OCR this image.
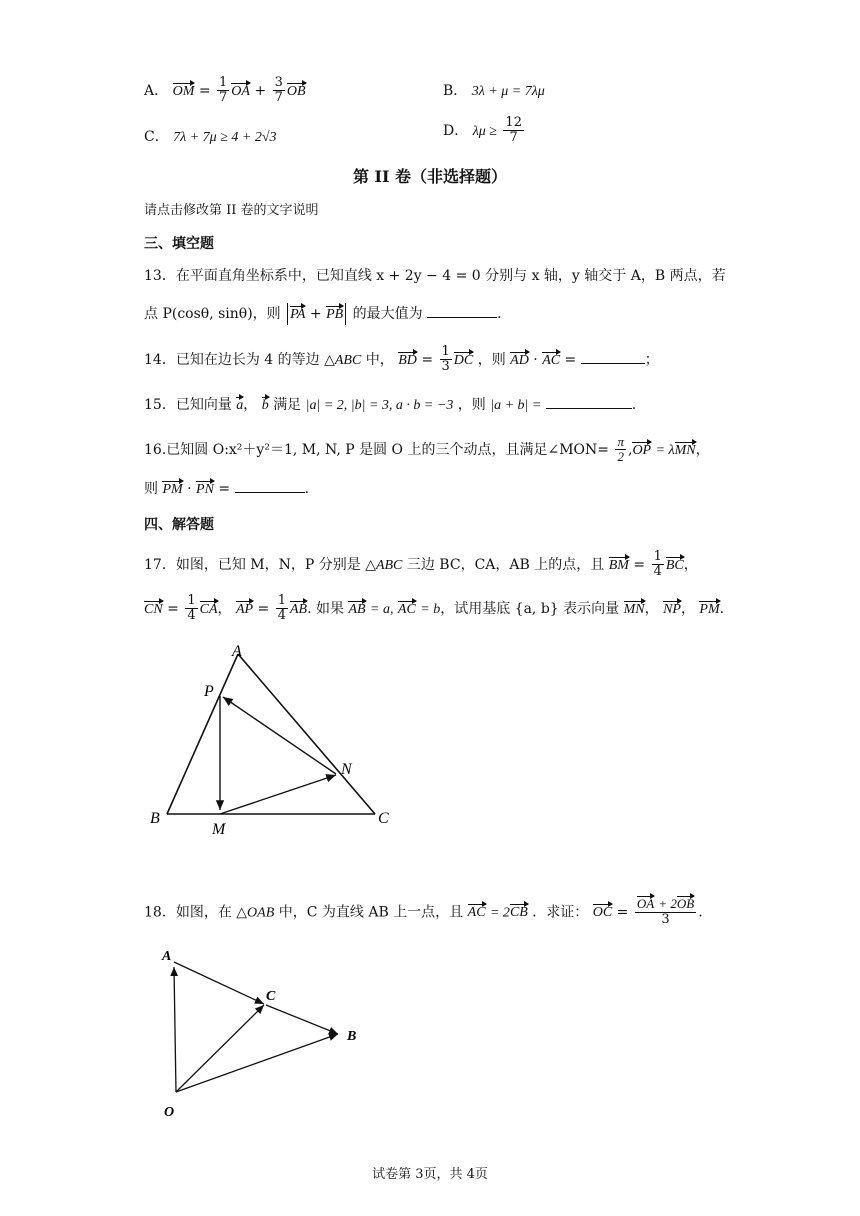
A． OM = $\frac{1}{7}$ OA + $\frac{3}{7}$ OB	B． 3λ + μ = 7λμ
C． 7λ + 7μ ≥ 4 + 2√3	D． $\lambda\mu \ge \frac{12}{7}$
第 II 卷（非选择题）
请点击修改第 II 卷的文字说明
三、填空题
13．在平面直角坐标系中，已知直线 x + 2y − 4 = 0 分别与 x 轴，y 轴交于 A，B 两点，若
点 P(cosθ, sinθ)，则 PA + PB 的最大值为	.
14．已知在边长为 4 的等边 △ABC 中， BD = $\frac{1}{3}$ DC ，则 AD · AC =	；
15．已知向量 a， b 满足 |a| = 2, |b| = 3, a · b = −3 ，则 |a + b| =	.
16.已知圆 O:x²＋y²＝1, M, N, P 是圆 O 上的三个动点，且满足∠MON= $\frac{\pi}{2} ,OP = \lambda MN$，
则 PM · PN =	.
四、解答题
17．如图，已知 M，N，P 分别是 △ABC 三边 BC，CA，AB 上的点，且 BM = $\frac{1}{4}$ BC，
CN = $\frac{1}{4}$ CA， AP = $\frac{1}{4}$ AB. 如果 AB = a, AC = b，试用基底 {a, b} 表示向量 MN， NP， PM.
A
P
B
M
N
C
18．如图，在 △OAB 中，C 为直线 AB 上一点，且 AC = 2CB ．求证： OC = $\frac{OA + 2OB}{3}$ .
A
C
B
O
试卷第 3页，共 4页
